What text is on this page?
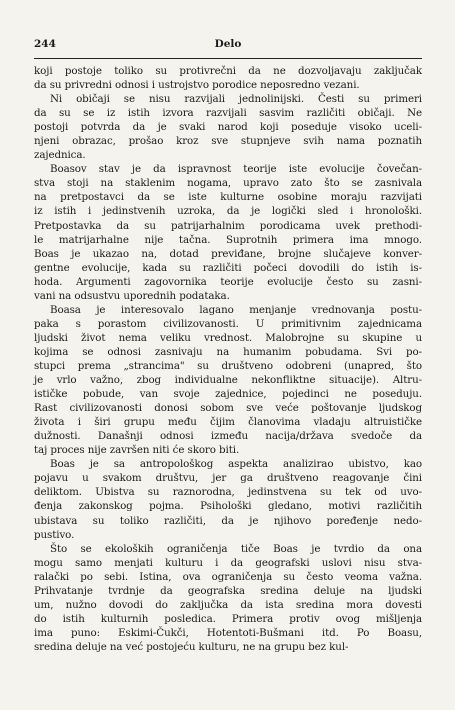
244	Delo
koji postoje toliko su protivrečni da ne dozvoljavaju zaključak
da su privredni odnosi i ustrojstvo porodice neposredno vezani.
Ni običaji se nisu razvijali jednolinijski. Česti su primeri
da su se iz istih izvora razvijali sasvim različiti običaji. Ne
postoji potvrda da je svaki narod koji poseduje visoko uceli-
njeni obrazac, prošao kroz sve stupnjeve svih nama poznatih
zajednica.
Boasov stav je da ispravnost teorije iste evolucije čovečan-
stva stoji na staklenim nogama, upravo zato što se zasnivala
na pretpostavci da se iste kulturne osobine moraju razvijati
iz istih i jedinstvenih uzroka, da je logički sled i hronološki.
Pretpostavka da su patrijarhalnim porodicama uvek prethodi-
le matrijarhalne nije tačna. Suprotnih primera ima mnogo.
Boas je ukazao na, dotad previđane, brojne slučajeve konver-
gentne evolucije, kada su različiti počeci dovodili do istih is-
hoda. Argumenti zagovornika teorije evolucije često su zasni-
vani na odsustvu uporednih podataka.
Boasa je interesovalo lagano menjanje vrednovanja postu-
paka s porastom civilizovanosti. U primitivnim zajednicama
ljudski život nema veliku vrednost. Malobrojne su skupine u
kojima se odnosi zasnivaju na humanim pobudama. Svi po-
stupci prema „strancima" su društveno odobreni (unapred, što
je vrlo važno, zbog individualne nekonfliktne situacije). Altru-
ističke pobude, van svoje zajednice, pojedinci ne poseduju.
Rast civilizovanosti donosi sobom sve veće poštovanje ljudskog
života i širi grupu među čijim članovima vladaju altruističke
dužnosti. Današnji odnosi između nacija/država svedoče da
taj proces nije završen niti će skoro biti.
Boas je sa antropološkog aspekta analizirao ubistvo, kao
pojavu u svakom društvu, jer ga društveno reagovanje čini
deliktom. Ubistva su raznorodna, jedinstvena su tek od uvo-
đenja zakonskog pojma. Psihološki gledano, motivi različitih
ubistava su toliko različiti, da je njihovo poređenje nedo-
pustivo.
Što se ekoloških ograničenja tiče Boas je tvrdio da ona
mogu samo menjati kulturu i da geografski uslovi nisu stva-
ralački po sebi. Istina, ova ograničenja su često veoma važna.
Prihvatanje tvrdnje da geografska sredina deluje na ljudski
um, nužno dovodi do zaključka da ista sredina mora dovesti
do istih kulturnih posledica. Primera protiv ovog mišljenja
ima puno: Eskimi-Čukči, Hotentoti-Bušmani itd. Po Boasu,
sredina deluje na već postojeću kulturu, ne na grupu bez kul-
